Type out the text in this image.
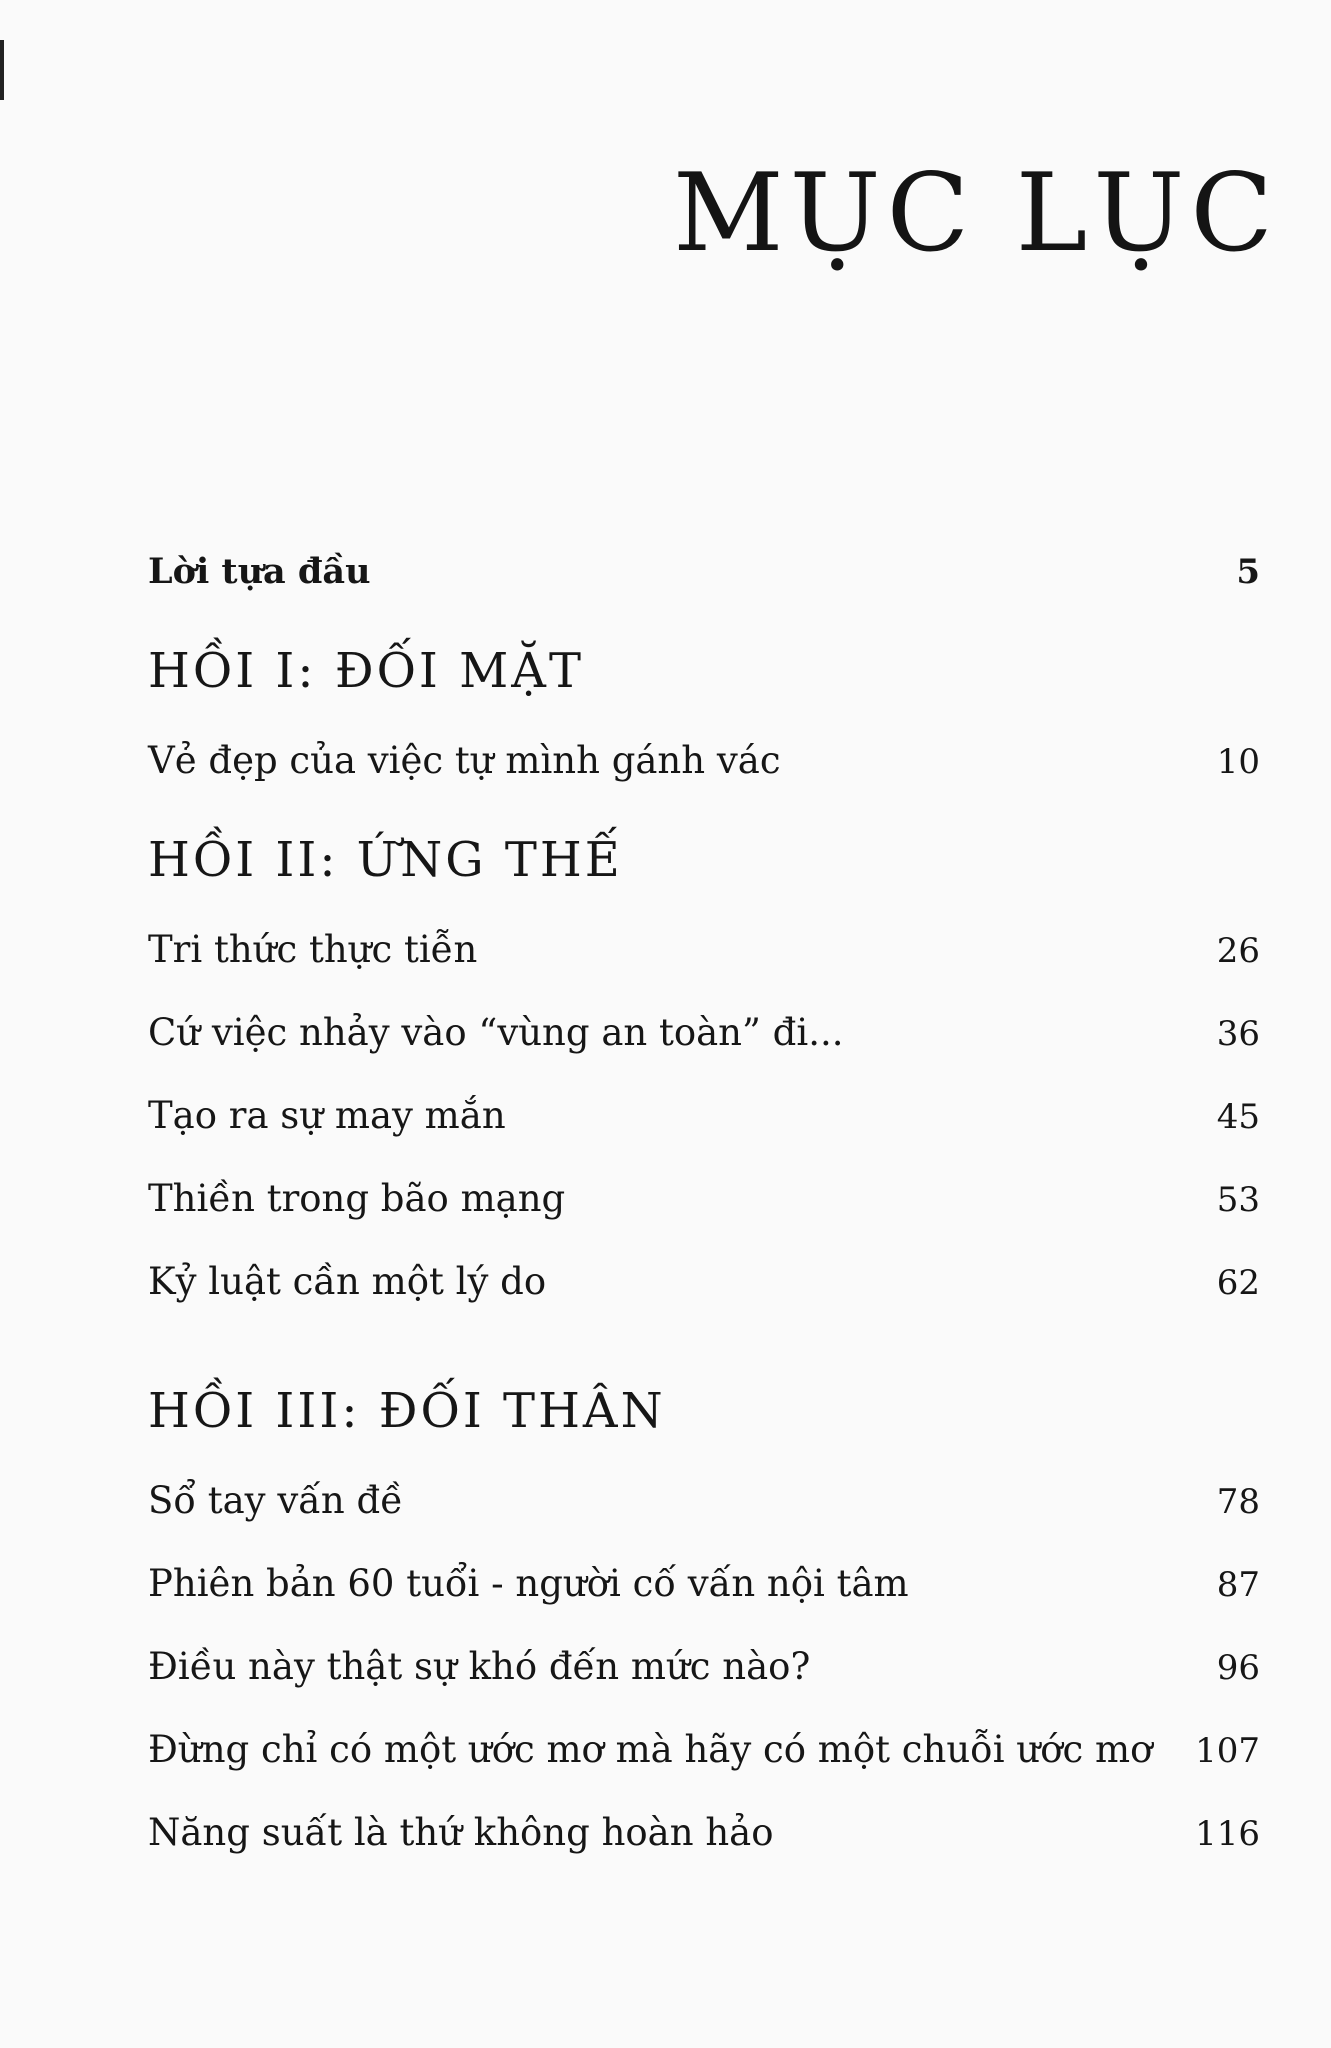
MỤC LỤC
Lời tựa đầu	5
HỒI I: ĐỐI MẶT
Vẻ đẹp của việc tự mình gánh vác	10
HỒI II: ỨNG THẾ
Tri thức thực tiễn	26
Cứ việc nhảy vào “vùng an toàn” đi...	36
Tạo ra sự may mắn	45
Thiền trong bão mạng	53
Kỷ luật cần một lý do	62
HỒI III: ĐỐI THÂN
Sổ tay vấn đề	78
Phiên bản 60 tuổi - người cố vấn nội tâm	87
Điều này thật sự khó đến mức nào?	96
Đừng chỉ có một ước mơ mà hãy có một chuỗi ước mơ 107
Năng suất là thứ không hoàn hảo	116
